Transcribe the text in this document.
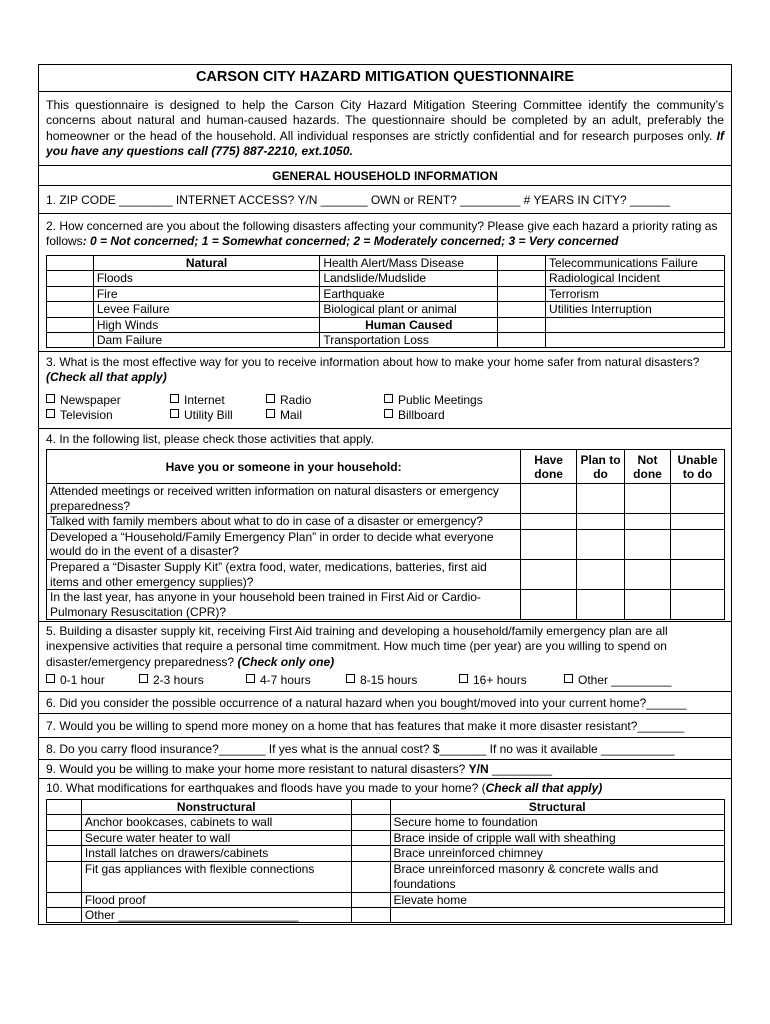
CARSON CITY HAZARD MITIGATION QUESTIONNAIRE
This questionnaire is designed to help the Carson City Hazard Mitigation Steering Committee identify the community’s concerns about natural and human-caused hazards. The questionnaire should be completed by an adult, preferably the homeowner or the head of the household. All individual responses are strictly confidential and for research purposes only. If you have any questions call (775) 887-2210, ext.1050.
GENERAL HOUSEHOLD INFORMATION
1. ZIP CODE ________ INTERNET ACCESS? Y/N _______ OWN or RENT? _________ # YEARS IN CITY? ______
2. How concerned are you about the following disasters affecting your community? Please give each hazard a priority rating as follows: 0 = Not concerned; 1 = Somewhat concerned; 2 = Moderately concerned; 3 = Very concerned
	Natural	Health Alert/Mass Disease		Telecommunications Failure
	Floods	Landslide/Mudslide		Radiological Incident
	Fire	Earthquake		Terrorism
	Levee Failure	Biological plant or animal		Utilities Interruption
	High Winds	Human Caused		
	Dam Failure	Transportation Loss		
3. What is the most effective way for you to receive information about how to make your home safer from natural disasters? (Check all that apply)
Newspaper
Television
Internet
Utility Bill
Radio
Mail
Public Meetings
Billboard
4. In the following list, please check those activities that apply.
Have you or someone in your household:	Have done	Plan to do	Not done	Unable to do
Attended meetings or received written information on natural disasters or emergency preparedness?				
Talked with family members about what to do in case of a disaster or emergency?				
Developed a “Household/Family Emergency Plan” in order to decide what everyone would do in the event of a disaster?				
Prepared a “Disaster Supply Kit” (extra food, water, medications, batteries, first aid items and other emergency supplies)?				
In the last year, has anyone in your household been trained in First Aid or Cardio-Pulmonary Resuscitation (CPR)?				
5. Building a disaster supply kit, receiving First Aid training and developing a household/family emergency plan are all inexpensive activities that require a personal time commitment. How much time (per year) are you willing to spend on disaster/emergency preparedness? (Check only one)
0-1 hour	2-3 hours	4-7 hours	8-15 hours	16+ hours	Other _________
6. Did you consider the possible occurrence of a natural hazard when you bought/moved into your current home?______
7. Would you be willing to spend more money on a home that has features that make it more disaster resistant?_______
8. Do you carry flood insurance?_______ If yes what is the annual cost? $_______ If no was it available ___________
9. Would you be willing to make your home more resistant to natural disasters? Y/N _________
10. What modifications for earthquakes and floods have you made to your home? (Check all that apply)
	Nonstructural		Structural
	Anchor bookcases, cabinets to wall		Secure home to foundation
	Secure water heater to wall		Brace inside of cripple wall with sheathing
	Install latches on drawers/cabinets		Brace unreinforced chimney
	Fit gas appliances with flexible connections		Brace unreinforced masonry & concrete walls and foundations
	Flood proof		Elevate home
	Other ___________________________		
